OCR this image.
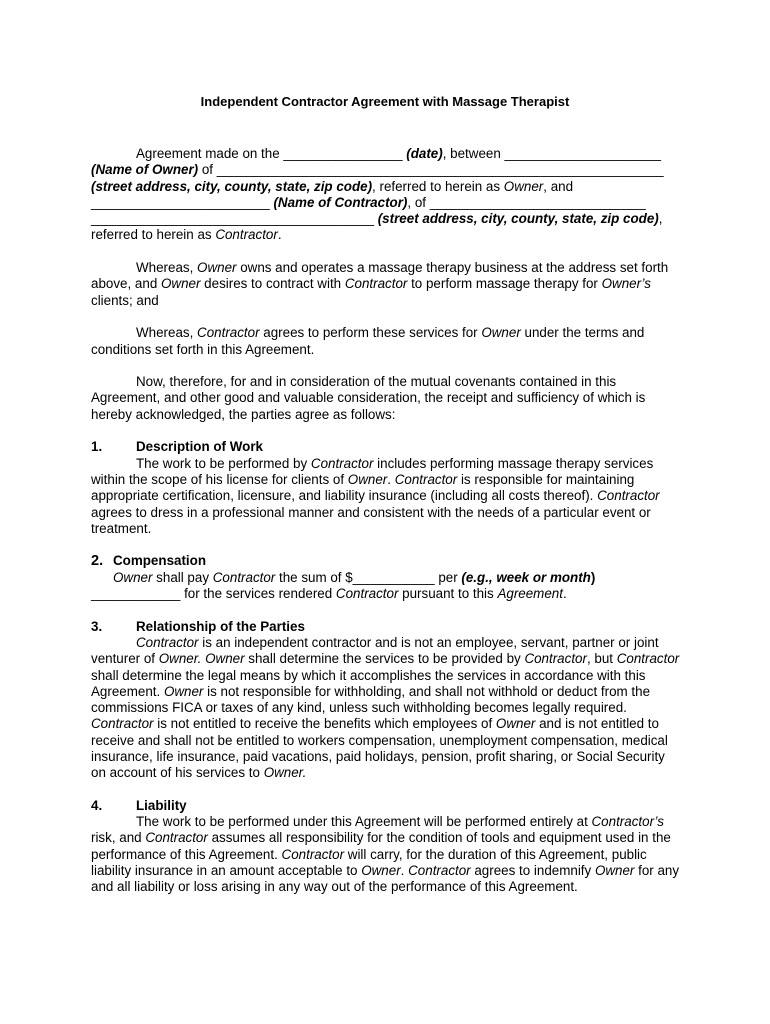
Independent Contractor Agreement with Massage Therapist

Agreement made on the ________________ (date), between _____________________ (Name of Owner) of ____________________________________________________________ (street address, city, county, state, zip code), referred to herein as Owner, and ________________________ (Name of Contractor), of _____________________________ ______________________________________ (street address, city, county, state, zip code), referred to herein as Contractor.

Whereas, Owner owns and operates a massage therapy business at the address set forth above, and Owner desires to contract with Contractor to perform massage therapy for Owner’s clients; and

Whereas, Contractor agrees to perform these services for Owner under the terms and conditions set forth in this Agreement.

Now, therefore, for and in consideration of the mutual covenants contained in this Agreement, and other good and valuable consideration, the receipt and sufficiency of which is hereby acknowledged, the parties agree as follows:

1.	Description of Work

The work to be performed by Contractor includes performing massage therapy services within the scope of his license for clients of Owner. Contractor is responsible for maintaining appropriate certification, licensure, and liability insurance (including all costs thereof). Contractor agrees to dress in a professional manner and consistent with the needs of a particular event or treatment.

2. Compensation

Owner shall pay Contractor the sum of $___________ per (e.g., week or month)

____________ for the services rendered Contractor pursuant to this Agreement.

3.	Relationship of the Parties

Contractor is an independent contractor and is not an employee, servant, partner or joint venturer of Owner. Owner shall determine the services to be provided by Contractor, but Contractor shall determine the legal means by which it accomplishes the services in accordance with this Agreement. Owner is not responsible for withholding, and shall not withhold or deduct from the commissions FICA or taxes of any kind, unless such withholding becomes legally required. Contractor is not entitled to receive the benefits which employees of Owner and is not entitled to receive and shall not be entitled to workers compensation, unemployment compensation, medical insurance, life insurance, paid vacations, paid holidays, pension, profit sharing, or Social Security on account of his services to Owner.

4.	Liability

The work to be performed under this Agreement will be performed entirely at Contractor’s risk, and Contractor assumes all responsibility for the condition of tools and equipment used in the performance of this Agreement. Contractor will carry, for the duration of this Agreement, public liability insurance in an amount acceptable to Owner. Contractor agrees to indemnify Owner for any and all liability or loss arising in any way out of the performance of this Agreement.
